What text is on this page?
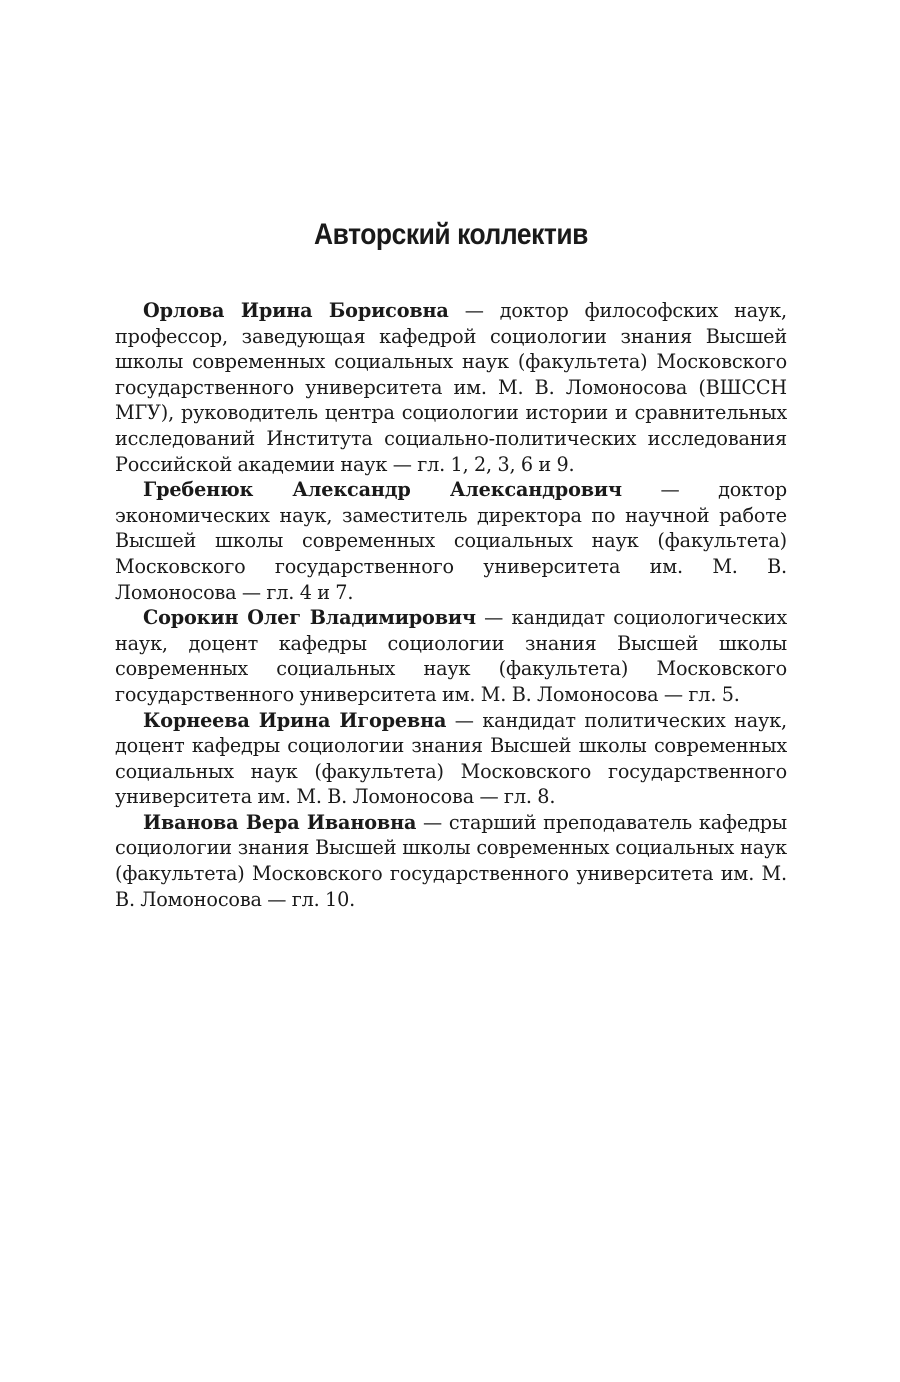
Авторский коллектив

Орлова Ирина Борисовна — доктор философских наук, профессор, заведующая кафедрой социологии знания Высшей школы современных социальных наук (факультета) Московского государственного университета им. М. В. Ломоносова (ВШССН МГУ), руководитель центра социологии истории и сравнительных исследований Института социально-политических исследования Российской академии наук — гл. 1, 2, 3, 6 и 9.

Гребенюк Александр Александрович — доктор экономических наук, заместитель директора по научной работе Высшей школы современных социальных наук (факультета) Московского государственного университета им. М. В. Ломоносова — гл. 4 и 7.

Сорокин Олег Владимирович — кандидат социологических наук, доцент кафедры социологии знания Высшей школы современных социальных наук (факультета) Московского государственного университета им. М. В. Ломоносова — гл. 5.

Корнеева Ирина Игоревна — кандидат политических наук, доцент кафедры социологии знания Высшей школы современных социальных наук (факультета) Московского государственного университета им. М. В. Ломоносова — гл. 8.

Иванова Вера Ивановна — старший преподаватель кафедры социологии знания Высшей школы современных социальных наук (факультета) Московского государственного университета им. М. В. Ломоносова — гл. 10.
